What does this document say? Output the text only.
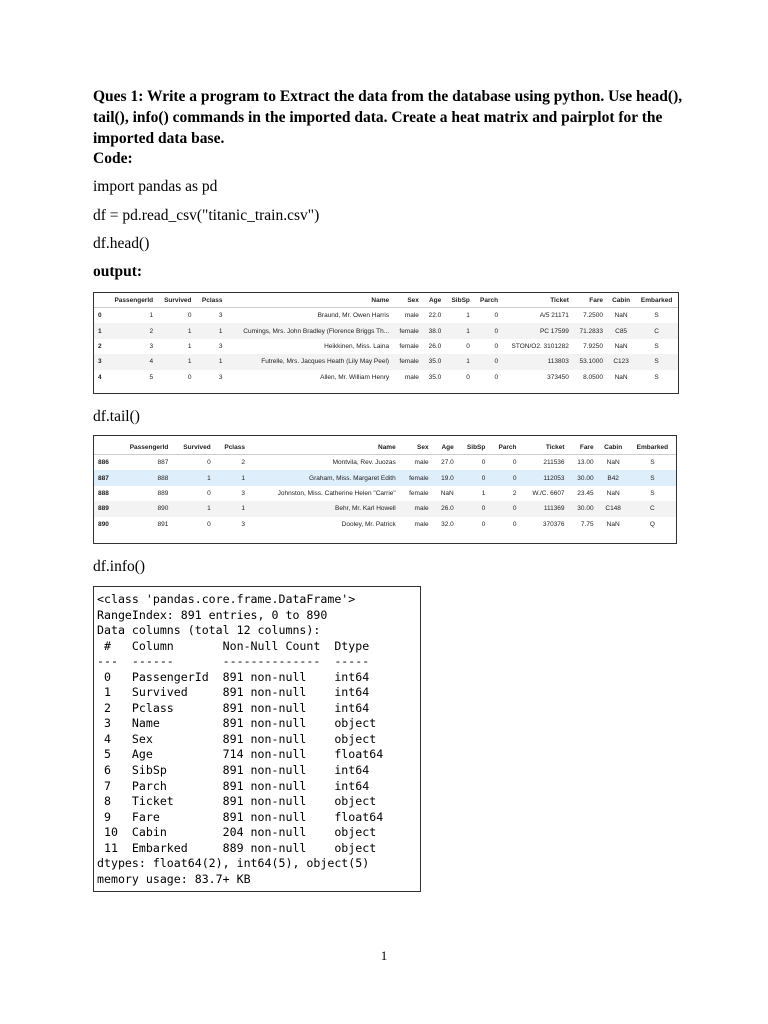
Ques 1: Write a program to Extract the data from the database using python. Use head(), tail(), info() commands in the imported data. Create a heat matrix and pairplot for the imported data base.
Code:
import pandas as pd
df = pd.read_csv("titanic_train.csv")
df.head()
output:
	PassengerId	Survived	Pclass	Name	Sex	Age	SibSp	Parch	Ticket	Fare	Cabin	Embarked
0	1	0	3	Braund, Mr. Owen Harris	male	22.0	1	0	A/5 21171	7.2500	NaN	S
1	2	1	1	Cumings, Mrs. John Bradley (Florence Briggs Th...	female	38.0	1	0	PC 17599	71.2833	C85	C
2	3	1	3	Heikkinen, Miss. Laina	female	26.0	0	0	STON/O2. 3101282	7.9250	NaN	S
3	4	1	1	Futrelle, Mrs. Jacques Heath (Lily May Peel)	female	35.0	1	0	113803	53.1000	C123	S
4	5	0	3	Allen, Mr. William Henry	male	35.0	0	0	373450	8.0500	NaN	S
df.tail()
	PassengerId	Survived	Pclass	Name	Sex	Age	SibSp	Parch	Ticket	Fare	Cabin	Embarked
886	887	0	2	Montvila, Rev. Juozas	male	27.0	0	0	211536	13.00	NaN	S
887	888	1	1	Graham, Miss. Margaret Edith	female	19.0	0	0	112053	30.00	B42	S
888	889	0	3	Johnston, Miss. Catherine Helen "Carrie"	female	NaN	1	2	W./C. 6607	23.45	NaN	S
889	890	1	1	Behr, Mr. Karl Howell	male	26.0	0	0	111369	30.00	C148	C
890	891	0	3	Dooley, Mr. Patrick	male	32.0	0	0	370376	7.75	NaN	Q
df.info()
<class 'pandas.core.frame.DataFrame'>
RangeIndex: 891 entries, 0 to 890
Data columns (total 12 columns):
#   Column       Non-Null Count  Dtype
---  ------       --------------  -----
0   PassengerId  891 non-null    int64
1   Survived     891 non-null    int64
2   Pclass       891 non-null    int64
3   Name         891 non-null    object
4   Sex          891 non-null    object
5   Age          714 non-null    float64
6   SibSp        891 non-null    int64
7   Parch        891 non-null    int64
8   Ticket       891 non-null    object
9   Fare         891 non-null    float64
10  Cabin        204 non-null    object
11  Embarked     889 non-null    object
dtypes: float64(2), int64(5), object(5)
memory usage: 83.7+ KB
1
